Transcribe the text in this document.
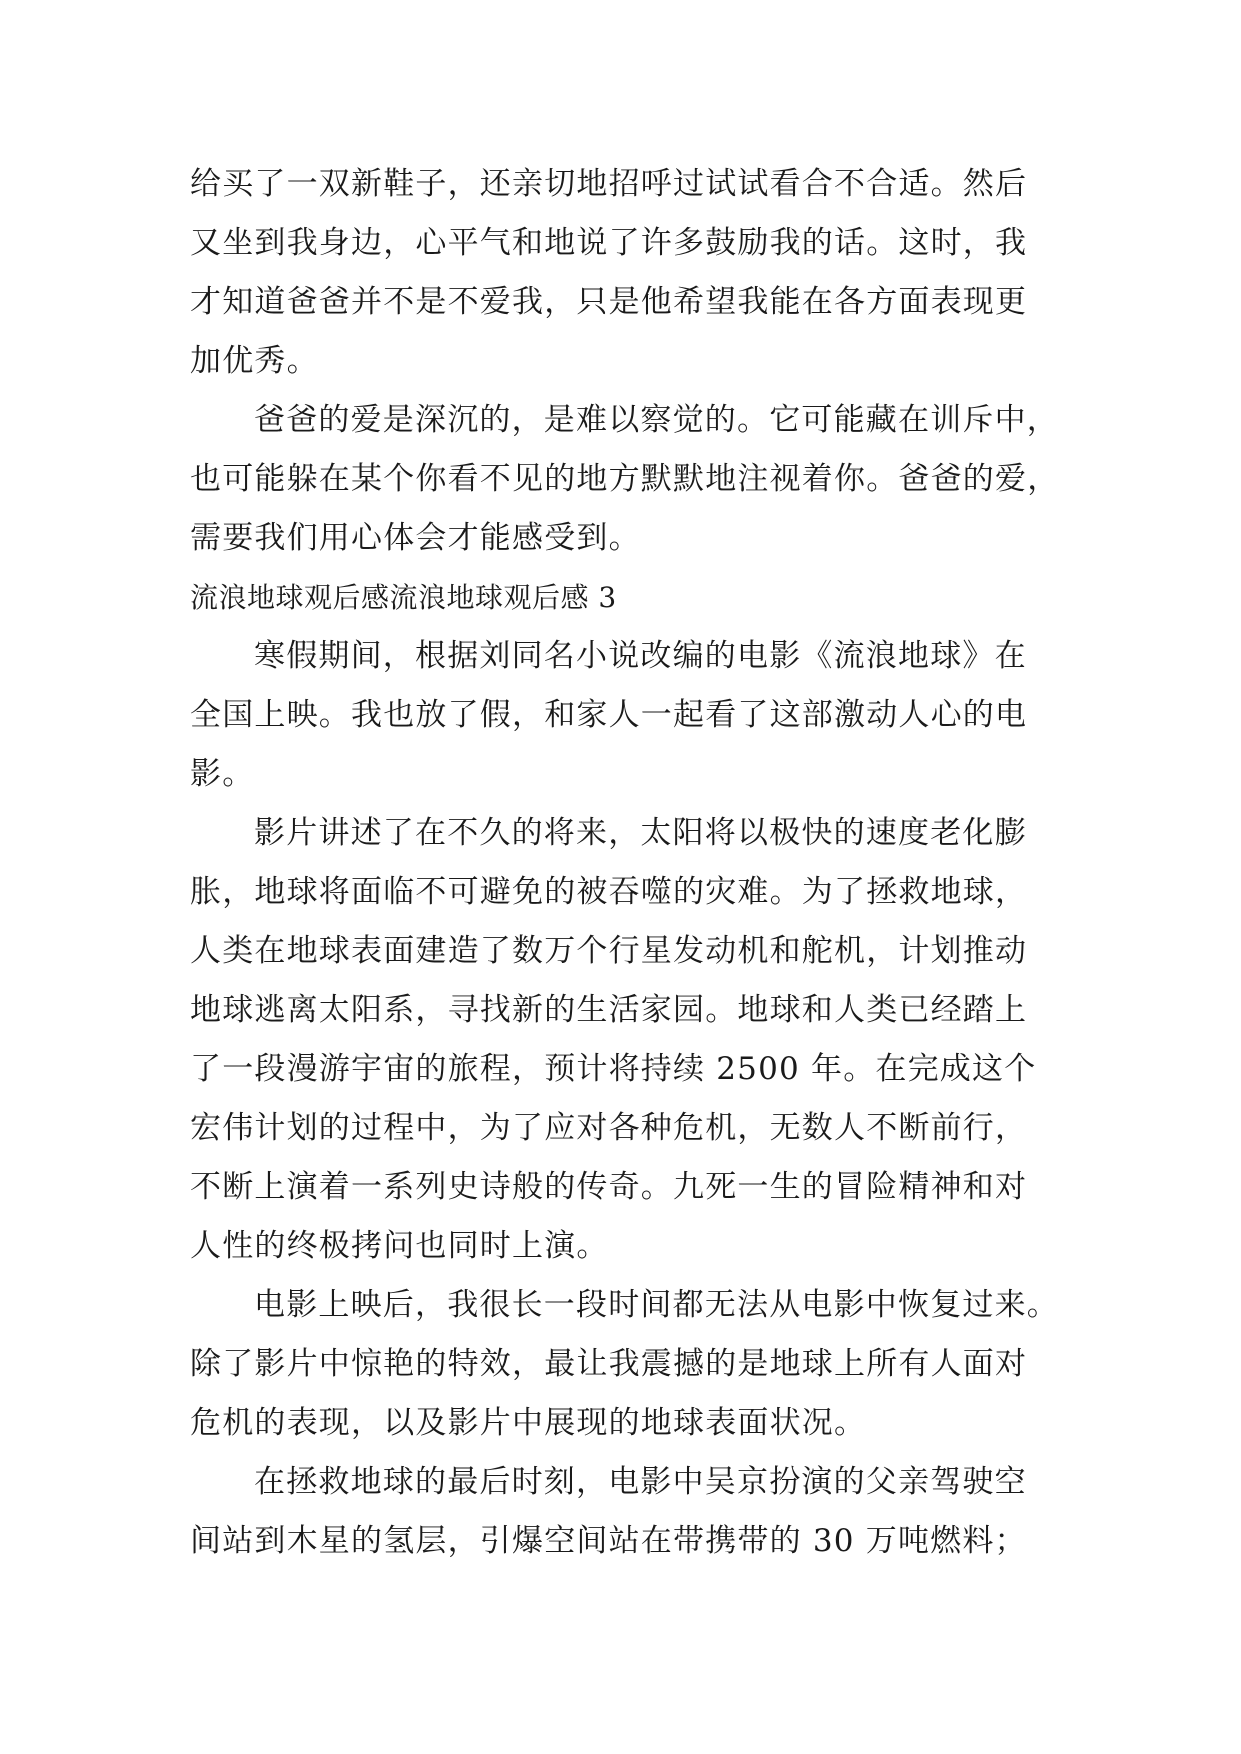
给买了一双新鞋子，还亲切地招呼过试试看合不合适。然后
又坐到我身边，心平气和地说了许多鼓励我的话。这时，我
才知道爸爸并不是不爱我，只是他希望我能在各方面表现更
加优秀。
爸爸的爱是深沉的，是难以察觉的。它可能藏在训斥中，
也可能躲在某个你看不见的地方默默地注视着你。爸爸的爱，
需要我们用心体会才能感受到。
流浪地球观后感流浪地球观后感 3
寒假期间，根据刘同名小说改编的电影《流浪地球》在
全国上映。我也放了假，和家人一起看了这部激动人心的电
影。
影片讲述了在不久的将来，太阳将以极快的速度老化膨
胀，地球将面临不可避免的被吞噬的灾难。为了拯救地球，
人类在地球表面建造了数万个行星发动机和舵机，计划推动
地球逃离太阳系，寻找新的生活家园。地球和人类已经踏上
了一段漫游宇宙的旅程，预计将持续 2500 年。在完成这个
宏伟计划的过程中，为了应对各种危机，无数人不断前行，
不断上演着一系列史诗般的传奇。九死一生的冒险精神和对
人性的终极拷问也同时上演。
电影上映后，我很长一段时间都无法从电影中恢复过来。
除了影片中惊艳的特效，最让我震撼的是地球上所有人面对
危机的表现，以及影片中展现的地球表面状况。
在拯救地球的最后时刻，电影中吴京扮演的父亲驾驶空
间站到木星的氢层，引爆空间站在带携带的 30 万吨燃料；
